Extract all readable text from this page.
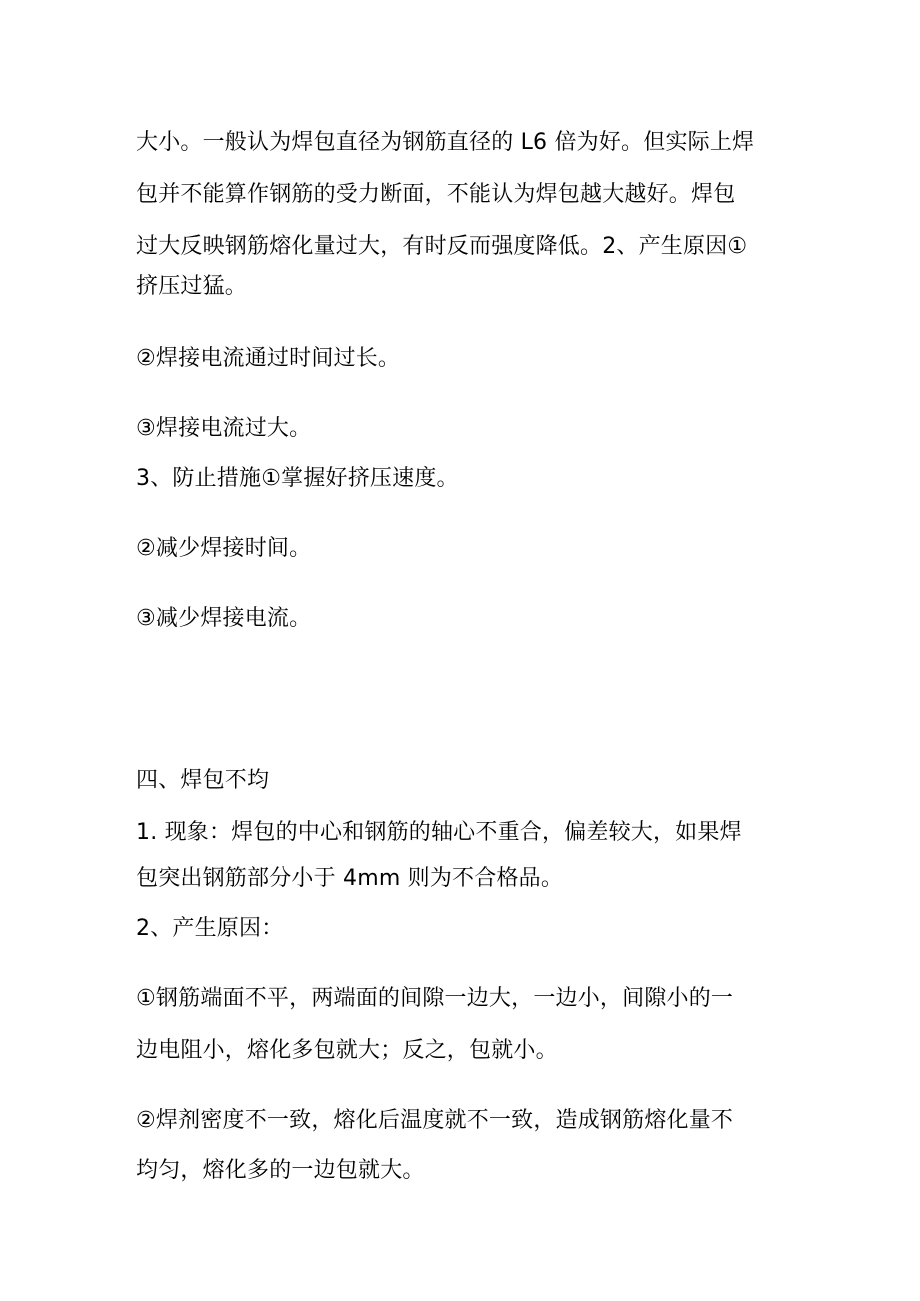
大小。一般认为焊包直径为钢筋直径的 L6 倍为好。但实际上焊
包并不能算作钢筋的受力断面，不能认为焊包越大越好。焊包
过大反映钢筋熔化量过大，有时反而强度降低。2、产生原因①
挤压过猛。
②焊接电流通过时间过长。
③焊接电流过大。
3、防止措施①掌握好挤压速度。
②减少焊接时间。
③减少焊接电流。
四、焊包不均
1. 现象：焊包的中心和钢筋的轴心不重合，偏差较大，如果焊
包突出钢筋部分小于 4mm 则为不合格品。
2、产生原因：
①钢筋端面不平，两端面的间隙一边大，一边小，间隙小的一
边电阻小，熔化多包就大；反之，包就小。
②焊剂密度不一致，熔化后温度就不一致，造成钢筋熔化量不
均匀，熔化多的一边包就大。
